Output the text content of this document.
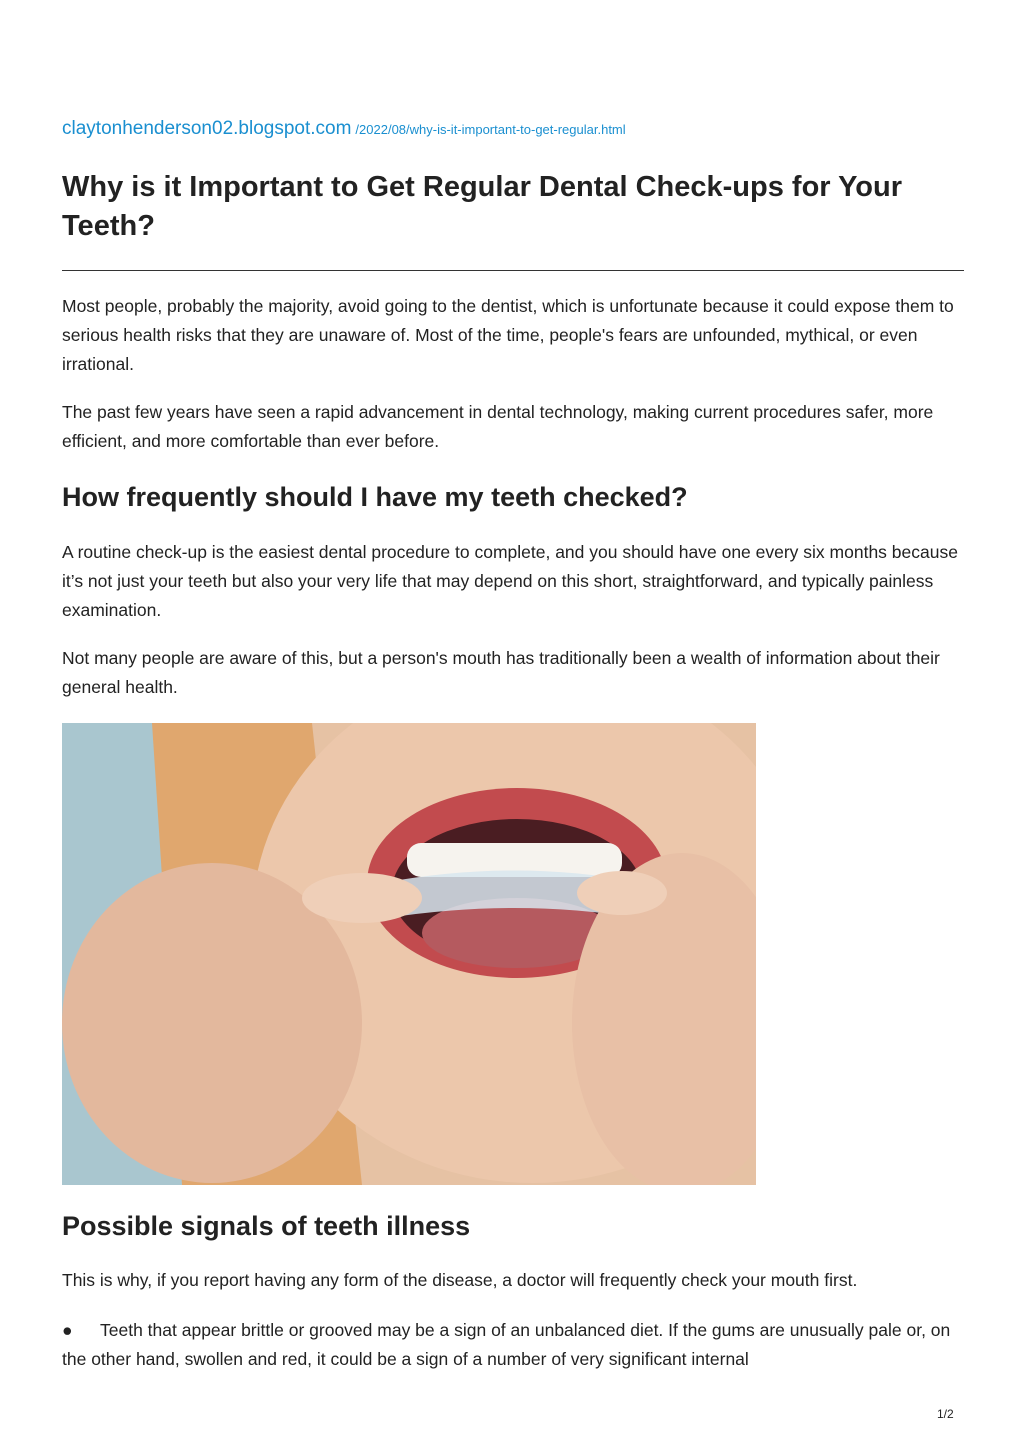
claytonhenderson02.blogspot.com /2022/08/why-is-it-important-to-get-regular.html
Why is it Important to Get Regular Dental Check-ups for Your Teeth?

Most people, probably the majority, avoid going to the dentist, which is unfortunate because it could expose them to serious health risks that they are unaware of. Most of the time, people's fears are unfounded, mythical, or even irrational.

The past few years have seen a rapid advancement in dental technology, making current procedures safer, more efficient, and more comfortable than ever before.

How frequently should I have my teeth checked?

A routine check-up is the easiest dental procedure to complete, and you should have one every six months because it’s not just your teeth but also your very life that may depend on this short, straightforward, and typically painless examination.

Not many people are aware of this, but a person's mouth has traditionally been a wealth of information about their general health.

Possible signals of teeth illness

This is why, if you report having any form of the disease, a doctor will frequently check your mouth first.

● Teeth that appear brittle or grooved may be a sign of an unbalanced diet. If the gums are unusually pale or, on the other hand, swollen and red, it could be a sign of a number of very significant internal
1/2
